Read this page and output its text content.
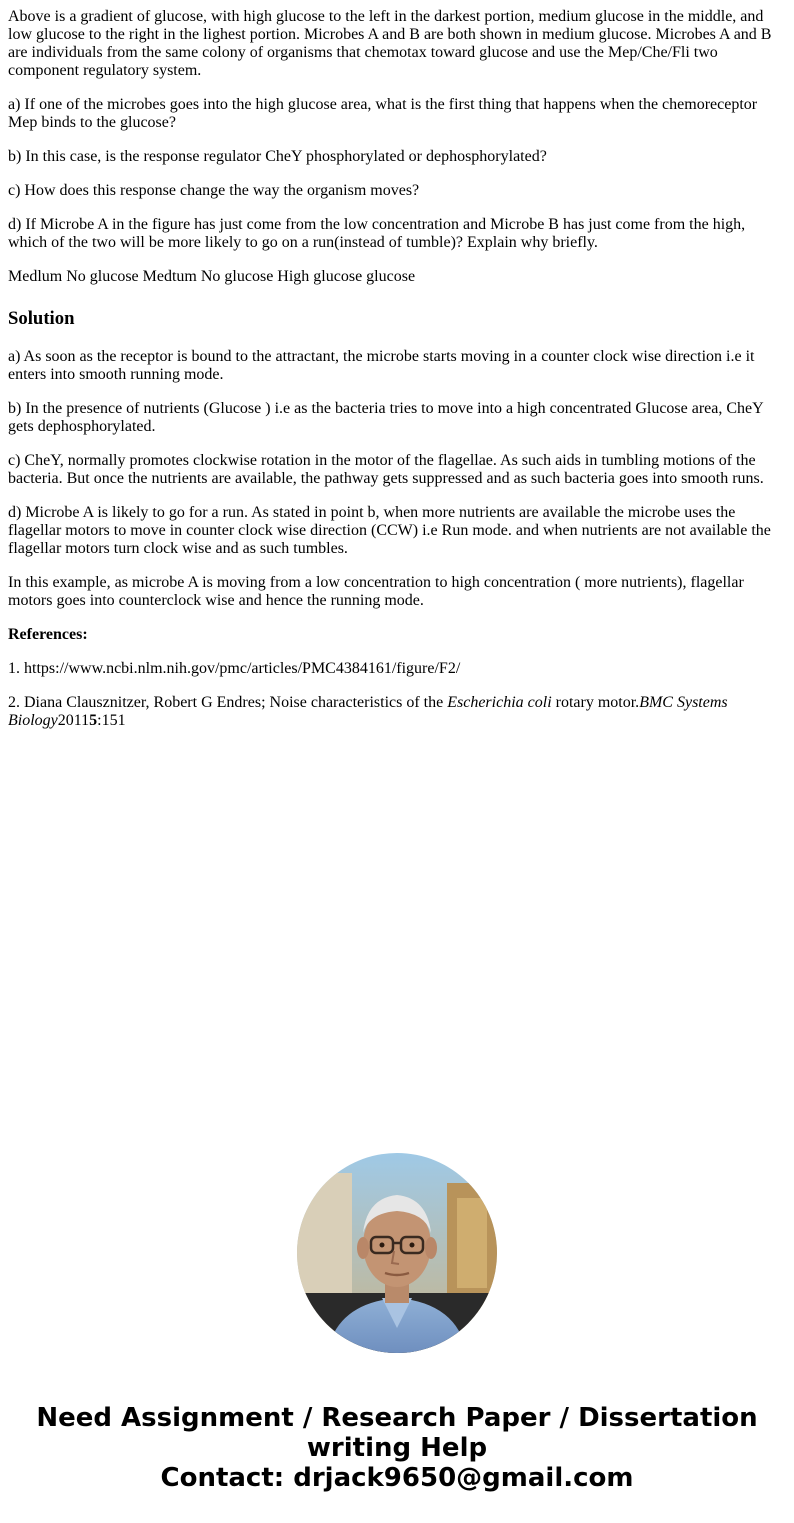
Above is a gradient of glucose, with high glucose to the left in the darkest portion, medium glucose in the middle, and low glucose to the right in the lighest portion. Microbes A and B are both shown in medium glucose. Microbes A and B are individuals from the same colony of organisms that chemotax toward glucose and use the Mep/Che/Fli two component regulatory system.

a) If one of the microbes goes into the high glucose area, what is the first thing that happens when the chemoreceptor Mep binds to the glucose?

b) In this case, is the response regulator CheY phosphorylated or dephosphorylated?

c) How does this response change the way the organism moves?

d) If Microbe A in the figure has just come from the low concentration and Microbe B has just come from the high, which of the two will be more likely to go on a run(instead of tumble)? Explain why briefly.

Medlum No glucose Medtum No glucose High glucose glucose

Solution

a) As soon as the receptor is bound to the attractant, the microbe starts moving in a counter clock wise direction i.e it enters into smooth running mode.

b) In the presence of nutrients (Glucose ) i.e as the bacteria tries to move into a high concentrated Glucose area, CheY gets dephosphorylated.

c) CheY, normally promotes clockwise rotation in the motor of the flagellae. As such aids in tumbling motions of the bacteria. But once the nutrients are available, the pathway gets suppressed and as such bacteria goes into smooth runs.

d) Microbe A is likely to go for a run. As stated in point b, when more nutrients are available the microbe uses the flagellar motors to move in counter clock wise direction (CCW) i.e Run mode. and when nutrients are not available the flagellar motors turn clock wise and as such tumbles.

In this example, as microbe A is moving from a low concentration to high concentration ( more nutrients), flagellar motors goes into counterclock wise and hence the running mode.

References:

1. https://www.ncbi.nlm.nih.gov/pmc/articles/PMC4384161/figure/F2/

2. Diana Clausznitzer, Robert G Endres; Noise characteristics of the Escherichia coli rotary motor.BMC Systems Biology20115:151

Need Assignment / Research Paper / Dissertation
writing Help
Contact: drjack9650@gmail.com
